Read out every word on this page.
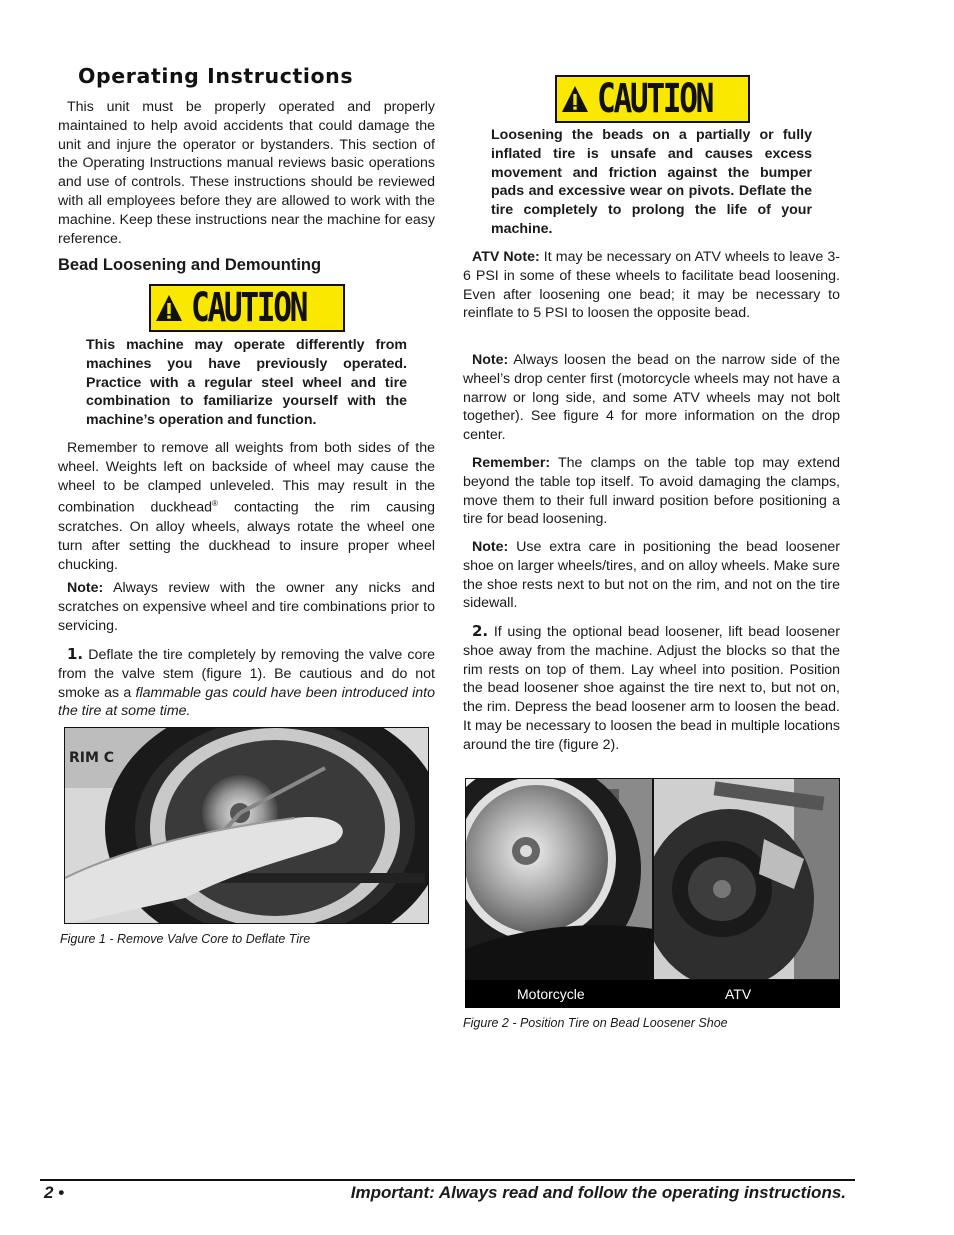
Operating Instructions

This unit must be properly operated and properly maintained to help avoid accidents that could damage the unit and injure the operator or bystanders. This section of the Operating Instructions manual reviews basic operations and use of controls. These instructions should be reviewed with all employees before they are allowed to work with the machine. Keep these instructions near the machine for easy reference.

Bead Loosening and Demounting
CAUTION

This machine may operate differently from machines you have previously operated. Practice with a regular steel wheel and tire combination to familiarize yourself with the machine’s operation and function.

Remember to remove all weights from both sides of the wheel. Weights left on backside of wheel may cause the wheel to be clamped unleveled. This may result in the combination duckhead® contacting the rim causing scratches. On alloy wheels, always rotate the wheel one turn after setting the duckhead to insure proper wheel chucking.

Note: Always review with the owner any nicks and scratches on expensive wheel and tire combinations prior to servicing.

1. Deflate the tire completely by removing the valve core from the valve stem (figure 1). Be cautious and do not smoke as a flammable gas could have been introduced into the tire at some time.

RIM C

Figure 1 - Remove Valve Core to Deflate Tire

CAUTION

Loosening the beads on a partially or fully inflated tire is unsafe and causes excess movement and friction against the bumper pads and excessive wear on pivots. Deflate the tire completely to prolong the life of your machine.

ATV Note: It may be necessary on ATV wheels to leave 3-6 PSI in some of these wheels to facilitate bead loosening. Even after loosening one bead; it may be necessary to reinflate to 5 PSI to loosen the opposite bead.

Note: Always loosen the bead on the narrow side of the wheel’s drop center first (motorcycle wheels may not have a narrow or long side, and some ATV wheels may not bolt together). See figure 4 for more information on the drop center.

Remember: The clamps on the table top may extend beyond the table top itself. To avoid damaging the clamps, move them to their full inward position before positioning a tire for bead loosening.

Note: Use extra care in positioning the bead loosener shoe on larger wheels/tires, and on alloy wheels. Make sure the shoe rests next to but not on the rim, and not on the tire sidewall.

2. If using the optional bead loosener, lift bead loosener shoe away from the machine. Adjust the blocks so that the rim rests on top of them. Lay wheel into position. Position the bead loosener shoe against the tire next to, but not on, the rim. Depress the bead loosener arm to loosen the bead. It may be necessary to loosen the bead in multiple locations around the tire (figure 2).

Motorcycle	ATV

Figure 2 - Position Tire on Bead Loosener Shoe

2 •	Important: Always read and follow the operating instructions.
